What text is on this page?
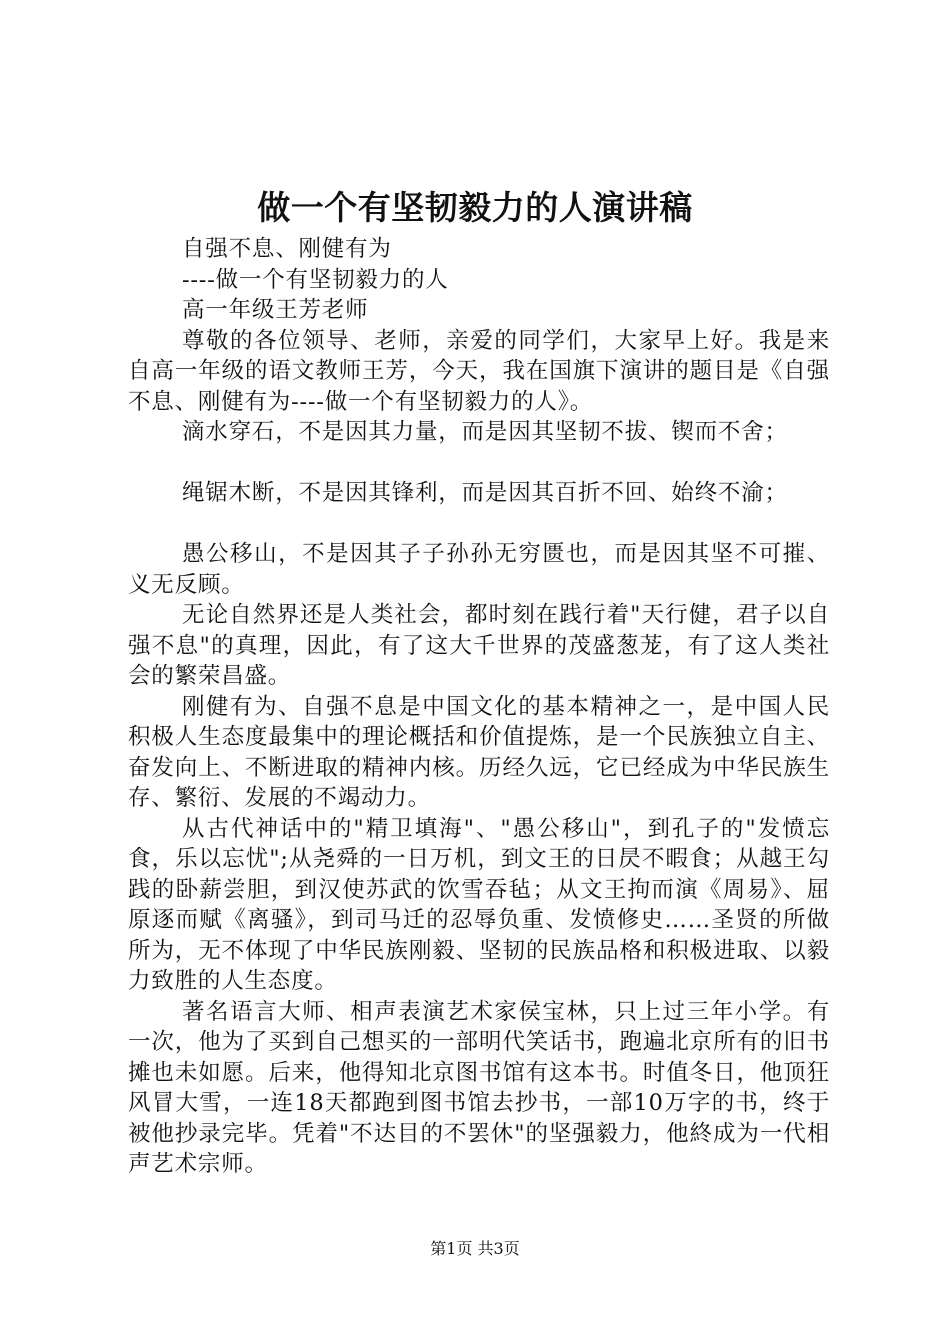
做一个有坚韧毅力的人演讲稿
自强不息、刚健有为
----做一个有坚韧毅力的人
高一年级王芳老师
尊敬的各位领导、老师，亲爱的同学们，大家早上好。我是来自高一年级的语文教师王芳，今天，我在国旗下演讲的题目是《自强不息、刚健有为----做一个有坚韧毅力的人》。
滴水穿石，不是因其力量，而是因其坚韧不拔、锲而不舍；
绳锯木断，不是因其锋利，而是因其百折不回、始终不渝；
愚公移山，不是因其子子孙孙无穷匮也，而是因其坚不可摧、义无反顾。
无论自然界还是人类社会，都时刻在践行着"天行健，君子以自强不息"的真理，因此，有了这大千世界的茂盛葱茏，有了这人类社会的繁荣昌盛。
刚健有为、自强不息是中国文化的基本精神之一，是中国人民积极人生态度最集中的理论概括和价值提炼，是一个民族独立自主、奋发向上、不断进取的精神内核。历经久远，它已经成为中华民族生存、繁衍、发展的不竭动力。
从古代神话中的"精卫填海"、"愚公移山"，到孔子的"发愤忘食，乐以忘忧";从尧舜的一日万机，到文王的日昃不暇食；从越王勾践的卧薪尝胆，到汉使苏武的饮雪吞毡；从文王拘而演《周易》、屈原逐而赋《离骚》，到司马迁的忍辱负重、发愤修史……圣贤的所做所为，无不体现了中华民族刚毅、坚韧的民族品格和积极进取、以毅力致胜的人生态度。
著名语言大师、相声表演艺术家侯宝林，只上过三年小学。有一次，他为了买到自己想买的一部明代笑话书，跑遍北京所有的旧书摊也未如愿。后来，他得知北京图书馆有这本书。时值冬日，他顶狂风冒大雪，一连18天都跑到图书馆去抄书，一部10万字的书，终于被他抄录完毕。凭着"不达目的不罢休"的坚强毅力，他終成为一代相声艺术宗师。
第1页 共3页
